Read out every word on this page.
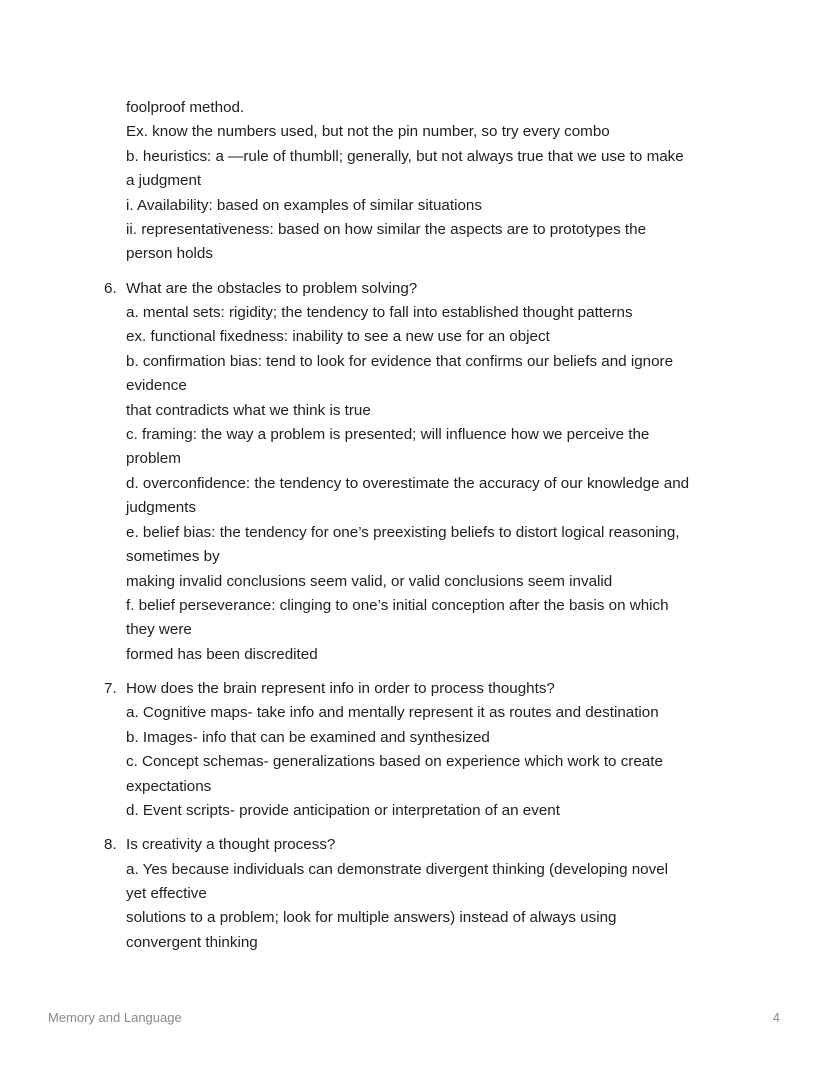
foolproof method.
Ex. know the numbers used, but not the pin number, so try every combo
b. heuristics: a —rule of thumbll; generally, but not always true that we use to make
a judgment
i. Availability: based on examples of similar situations
ii. representativeness: based on how similar the aspects are to prototypes the
person holds
6. What are the obstacles to problem solving?
a. mental sets: rigidity; the tendency to fall into established thought patterns
ex. functional fixedness: inability to see a new use for an object
b. confirmation bias: tend to look for evidence that confirms our beliefs and ignore
evidence
that contradicts what we think is true
c. framing: the way a problem is presented; will influence how we perceive the
problem
d. overconfidence: the tendency to overestimate the accuracy of our knowledge and
judgments
e. belief bias: the tendency for one’s preexisting beliefs to distort logical reasoning,
sometimes by
making invalid conclusions seem valid, or valid conclusions seem invalid
f. belief perseverance: clinging to one’s initial conception after the basis on which
they were
formed has been discredited
7. How does the brain represent info in order to process thoughts?
a. Cognitive maps- take info and mentally represent it as routes and destination
b. Images- info that can be examined and synthesized
c. Concept schemas- generalizations based on experience which work to create
expectations
d. Event scripts- provide anticipation or interpretation of an event
8. Is creativity a thought process?
a. Yes because individuals can demonstrate divergent thinking (developing novel
yet effective
solutions to a problem; look for multiple answers) instead of always using
convergent thinking
Memory and Language	4
